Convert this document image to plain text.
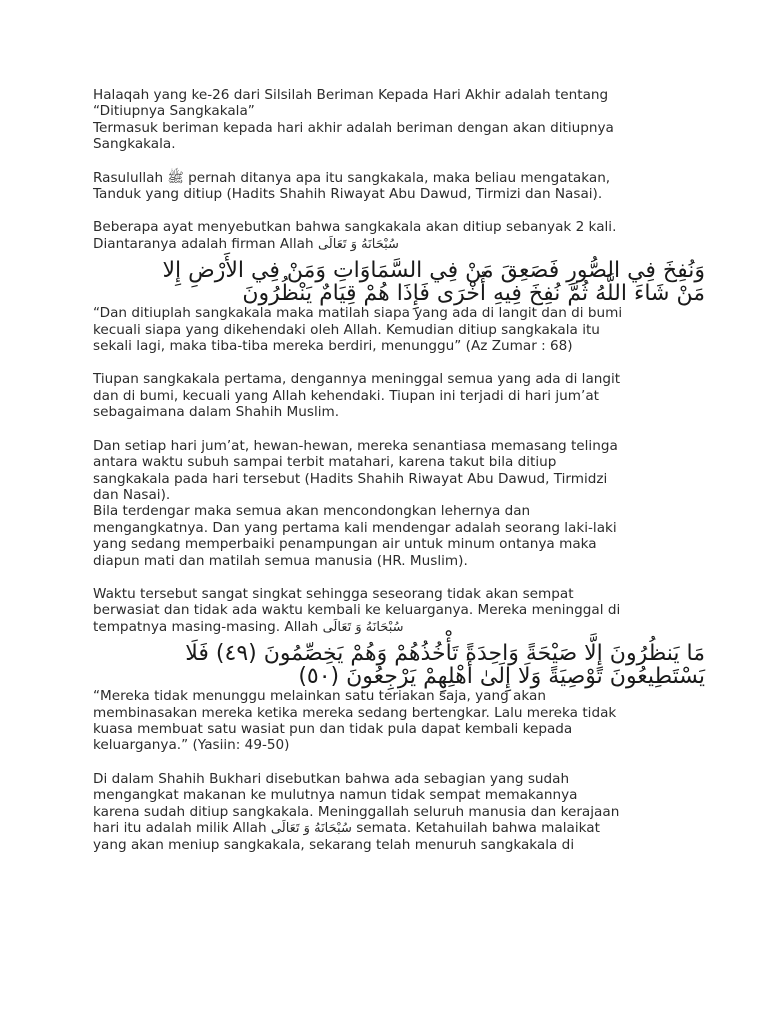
Halaqah yang ke-26 dari Silsilah Beriman Kepada Hari Akhir adalah tentang
“Ditiupnya Sangkakala”
Termasuk beriman kepada hari akhir adalah beriman dengan akan ditiupnya
Sangkakala.
Rasulullah ﷺ pernah ditanya apa itu sangkakala, maka beliau mengatakan,
Tanduk yang ditiup (Hadits Shahih Riwayat Abu Dawud, Tirmizi dan Nasai).
Beberapa ayat menyebutkan bahwa sangkakala akan ditiup sebanyak 2 kali.
Diantaranya adalah firman Allah سُبْحَانَهُ وَ تَعَالَى
وَنُفِخَ فِي الصُّورِ فَصَعِقَ مَنْ فِي السَّمَاوَاتِ وَمَنْ فِي الأَرْضِ إِلا
مَنْ شَاءَ اللَّهُ ثُمَّ نُفِخَ فِيهِ أُخْرَى فَإِذَا هُمْ قِيَامٌ يَنْظُرُونَ
“Dan ditiuplah sangkakala maka matilah siapa yang ada di langit dan di bumi
kecuali siapa yang dikehendaki oleh Allah. Kemudian ditiup sangkakala itu
sekali lagi, maka tiba-tiba mereka berdiri, menunggu” (Az Zumar : 68)
Tiupan sangkakala pertama, dengannya meninggal semua yang ada di langit
dan di bumi, kecuali yang Allah kehendaki. Tiupan ini terjadi di hari jum’at
sebagaimana dalam Shahih Muslim.
Dan setiap hari jum’at, hewan-hewan, mereka senantiasa memasang telinga
antara waktu subuh sampai terbit matahari, karena takut bila ditiup
sangkakala pada hari tersebut (Hadits Shahih Riwayat Abu Dawud, Tirmidzi
dan Nasai).
Bila terdengar maka semua akan mencondongkan lehernya dan
mengangkatnya. Dan yang pertama kali mendengar adalah seorang laki-laki
yang sedang memperbaiki penampungan air untuk minum ontanya maka
diapun mati dan matilah semua manusia (HR. Muslim).
Waktu tersebut sangat singkat sehingga seseorang tidak akan sempat
berwasiat dan tidak ada waktu kembali ke keluarganya. Mereka meninggal di
tempatnya masing-masing. Allah سُبْحَانَهُ وَ تَعَالَى
مَا يَنظُرُونَ إِلَّا صَيْحَةً وَاحِدَةً تَأْخُذُهُمْ وَهُمْ يَخِصِّمُونَ (٤٩) فَلَا
يَسْتَطِيعُونَ تَوْصِيَةً وَلَا إِلَىٰ أَهْلِهِمْ يَرْجِعُونَ (٥٠)
“Mereka tidak menunggu melainkan satu teriakan saja, yang akan
membinasakan mereka ketika mereka sedang bertengkar. Lalu mereka tidak
kuasa membuat satu wasiat pun dan tidak pula dapat kembali kepada
keluarganya.” (Yasiin: 49-50)
Di dalam Shahih Bukhari disebutkan bahwa ada sebagian yang sudah
mengangkat makanan ke mulutnya namun tidak sempat memakannya
karena sudah ditiup sangkakala. Meninggallah seluruh manusia dan kerajaan
hari itu adalah milik Allah سُبْحَانَهُ وَ تَعَالَى semata. Ketahuilah bahwa malaikat
yang akan meniup sangkakala, sekarang telah menuruh sangkakala di
